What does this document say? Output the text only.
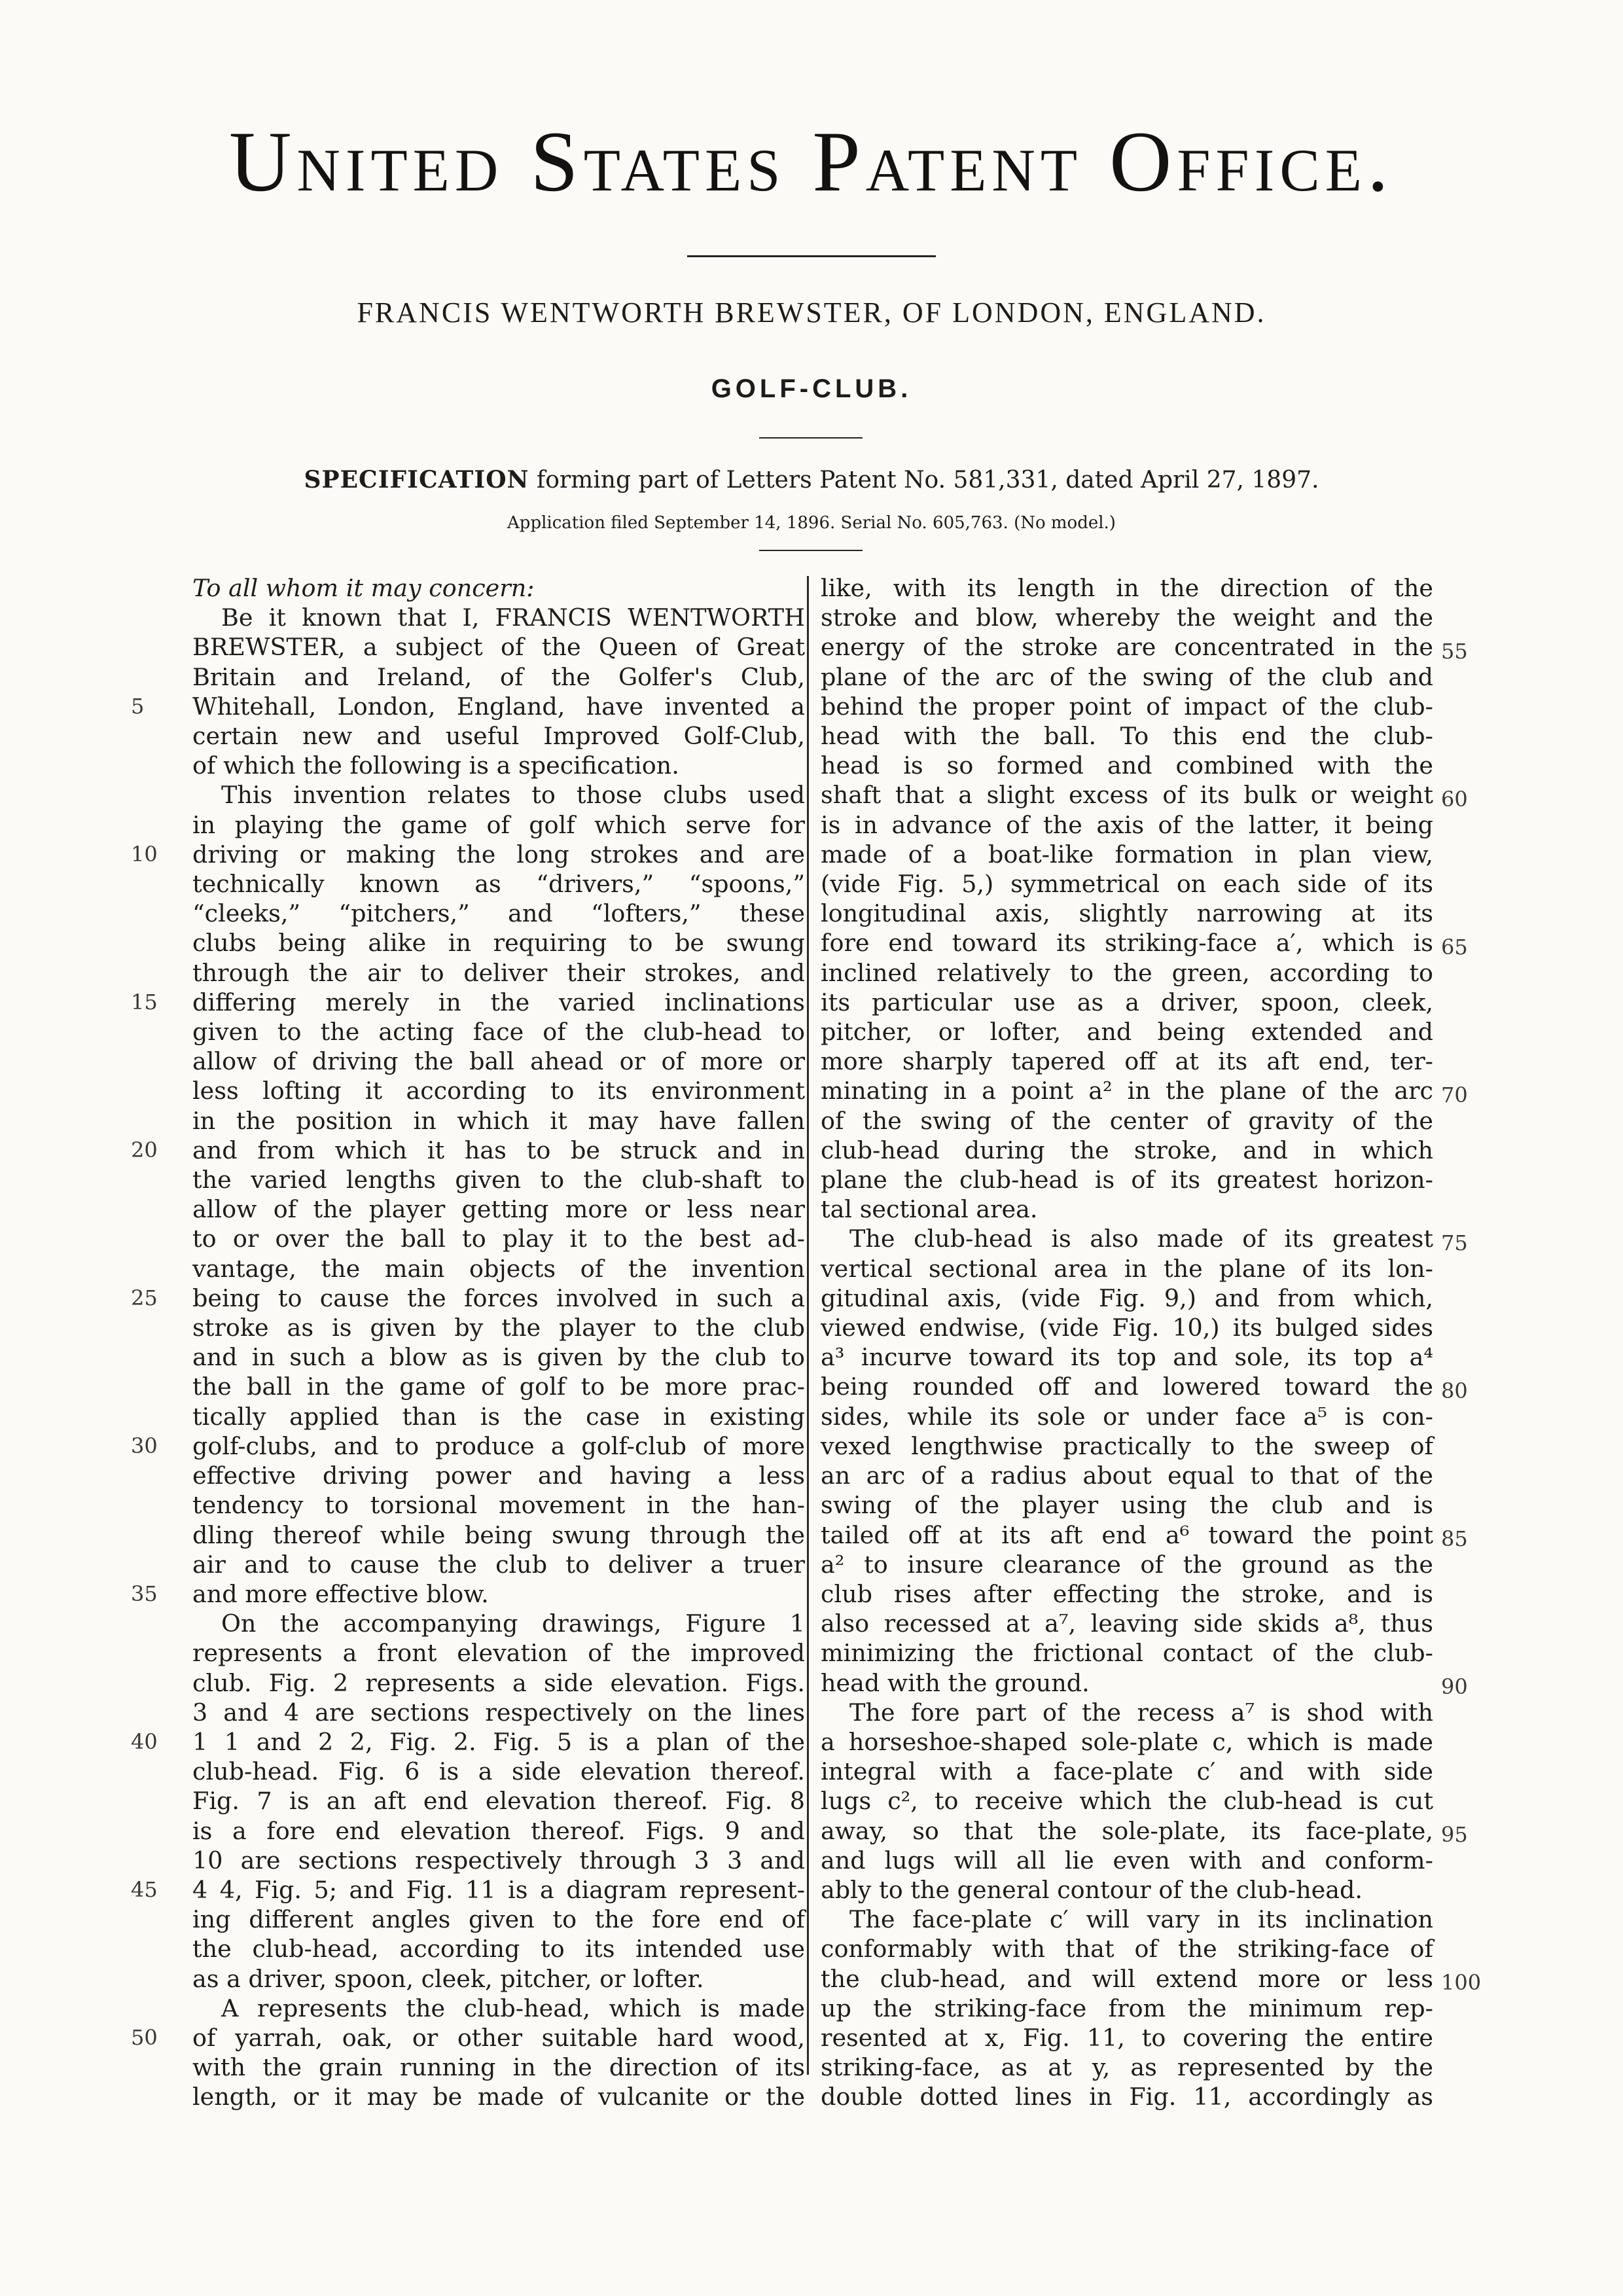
United States Patent Office.
FRANCIS WENTWORTH BREWSTER, OF LONDON, ENGLAND.
GOLF-CLUB.
SPECIFICATION forming part of Letters Patent No. 581,331, dated April 27, 1897.
Application filed September 14, 1896. Serial No. 605,763. (No model.)

To all whom it may concern:

Be it known that I, FRANCIS WENTWORTH

BREWSTER, a subject of the Queen of Great

Britain and Ireland, of the Golfer's Club,

Whitehall, London, England, have invented a

certain new and useful Improved Golf-Club,

of which the following is a specification.

This invention relates to those clubs used

in playing the game of golf which serve for

driving or making the long strokes and are

technically known as “drivers,” “spoons,”

“cleeks,” “pitchers,” and “lofters,” these

clubs being alike in requiring to be swung

through the air to deliver their strokes, and

differing merely in the varied inclinations

given to the acting face of the club-head to

allow of driving the ball ahead or of more or

less lofting it according to its environment

in the position in which it may have fallen

and from which it has to be struck and in

the varied lengths given to the club-shaft to

allow of the player getting more or less near

to or over the ball to play it to the best ad-

vantage, the main objects of the invention

being to cause the forces involved in such a

stroke as is given by the player to the club

and in such a blow as is given by the club to

the ball in the game of golf to be more prac-

tically applied than is the case in existing

golf-clubs, and to produce a golf-club of more

effective driving power and having a less

tendency to torsional movement in the han-

dling thereof while being swung through the

air and to cause the club to deliver a truer

and more effective blow.

On the accompanying drawings, Figure 1

represents a front elevation of the improved

club. Fig. 2 represents a side elevation. Figs.

3 and 4 are sections respectively on the lines

1 1 and 2 2, Fig. 2. Fig. 5 is a plan of the

club-head. Fig. 6 is a side elevation thereof.

Fig. 7 is an aft end elevation thereof. Fig. 8

is a fore end elevation thereof. Figs. 9 and

10 are sections respectively through 3 3 and

4 4, Fig. 5; and Fig. 11 is a diagram represent-

ing different angles given to the fore end of

the club-head, according to its intended use

as a driver, spoon, cleek, pitcher, or lofter.

A represents the club-head, which is made

of yarrah, oak, or other suitable hard wood,

with the grain running in the direction of its

length, or it may be made of vulcanite or the

like, with its length in the direction of the

stroke and blow, whereby the weight and the

energy of the stroke are concentrated in the

plane of the arc of the swing of the club and

behind the proper point of impact of the club-

head with the ball. To this end the club-

head is so formed and combined with the

shaft that a slight excess of its bulk or weight

is in advance of the axis of the latter, it being

made of a boat-like formation in plan view,

(vide Fig. 5,) symmetrical on each side of its

longitudinal axis, slightly narrowing at its

fore end toward its striking-face a′, which is

inclined relatively to the green, according to

its particular use as a driver, spoon, cleek,

pitcher, or lofter, and being extended and

more sharply tapered off at its aft end, ter-

minating in a point a² in the plane of the arc

of the swing of the center of gravity of the

club-head during the stroke, and in which

plane the club-head is of its greatest horizon-

tal sectional area.

The club-head is also made of its greatest

vertical sectional area in the plane of its lon-

gitudinal axis, (vide Fig. 9,) and from which,

viewed endwise, (vide Fig. 10,) its bulged sides

a³ incurve toward its top and sole, its top a⁴

being rounded off and lowered toward the

sides, while its sole or under face a⁵ is con-

vexed lengthwise practically to the sweep of

an arc of a radius about equal to that of the

swing of the player using the club and is

tailed off at its aft end a⁶ toward the point

a² to insure clearance of the ground as the

club rises after effecting the stroke, and is

also recessed at a⁷, leaving side skids a⁸, thus

minimizing the frictional contact of the club-

head with the ground.

The fore part of the recess a⁷ is shod with

a horseshoe-shaped sole-plate c, which is made

integral with a face-plate c′ and with side

lugs c², to receive which the club-head is cut

away, so that the sole-plate, its face-plate,

and lugs will all lie even with and conform-

ably to the general contour of the club-head.

The face-plate c′ will vary in its inclination

conformably with that of the striking-face of

the club-head, and will extend more or less

up the striking-face from the minimum rep-

resented at x, Fig. 11, to covering the entire

striking-face, as at y, as represented by the

double dotted lines in Fig. 11, accordingly as

5
10
15
20
25
30
35
40
45
50
55
60
65
70
75
80
85
90
95
100
